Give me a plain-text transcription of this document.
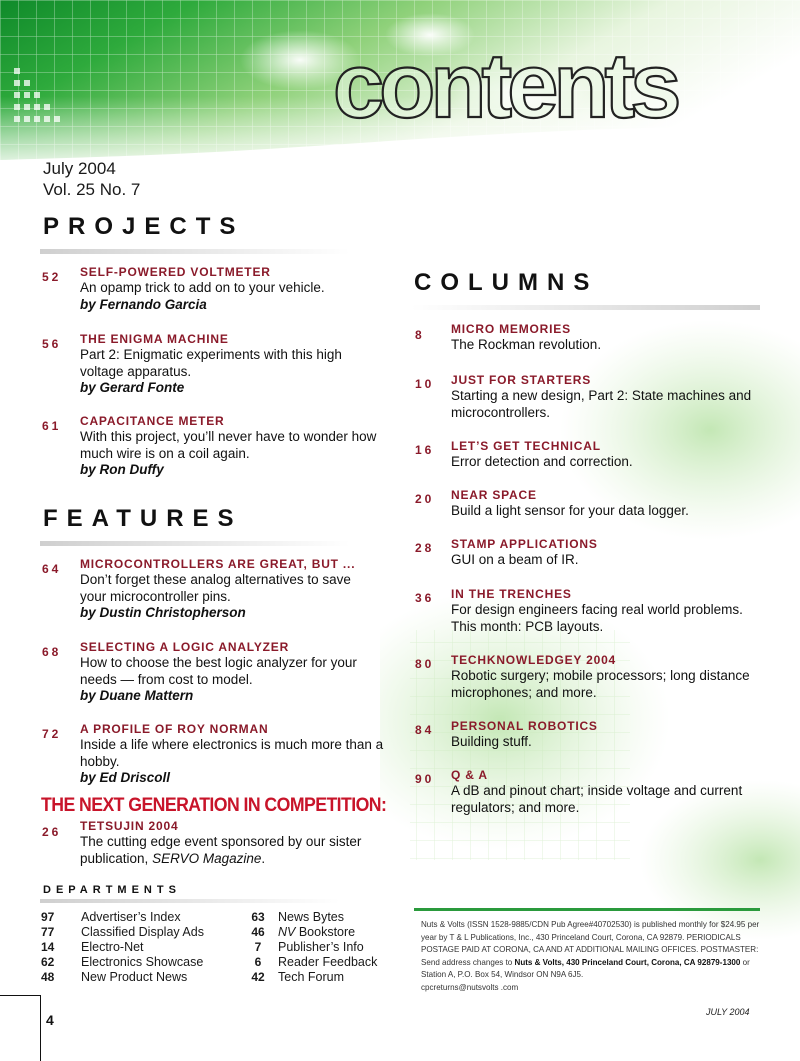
contents
July 2004
Vol. 25 No. 7
PROJECTS
52 SELF-POWERED VOLTMETER
An opamp trick to add on to your vehicle.
by Fernando Garcia
56 THE ENIGMA MACHINE
Part 2: Enigmatic experiments with this high voltage apparatus.
by Gerard Fonte
61 CAPACITANCE METER
With this project, you’ll never have to wonder how much wire is on a coil again.
by Ron Duffy
FEATURES
64 MICROCONTROLLERS ARE GREAT, BUT ...
Don’t forget these analog alternatives to save your microcontroller pins.
by Dustin Christopherson
68 SELECTING A LOGIC ANALYZER
How to choose the best logic analyzer for your needs — from cost to model.
by Duane Mattern
72 A PROFILE OF ROY NORMAN
Inside a life where electronics is much more than a hobby.
by Ed Driscoll
THE NEXT GENERATION IN COMPETITION:
26 TETSUJIN 2004
The cutting edge event sponsored by our sister publication, SERVO Magazine.
COLUMNS
8 MICRO MEMORIES
The Rockman revolution.
10 JUST FOR STARTERS
Starting a new design, Part 2: State machines and microcontrollers.
16 LET’S GET TECHNICAL
Error detection and correction.
20 NEAR SPACE
Build a light sensor for your data logger.
28 STAMP APPLICATIONS
GUI on a beam of IR.
36 IN THE TRENCHES
For design engineers facing real world problems. This month: PCB layouts.
80 TECHKNOWLEDGEY 2004
Robotic surgery; mobile processors; long distance microphones; and more.
84 PERSONAL ROBOTICS
Building stuff.
90 Q & A
A dB and pinout chart; inside voltage and current regulators; and more.
DEPARTMENTS
97 Advertiser’s Index
77 Classified Display Ads
14 Electro-Net
62 Electronics Showcase
48 New Product News
63 News Bytes
46 NV Bookstore
7 Publisher’s Info
6 Reader Feedback
42 Tech Forum
Nuts & Volts (ISSN 1528-9885/CDN Pub Agree#40702530) is published monthly for $24.95 per year by T & L Publications, Inc., 430 Princeland Court, Corona, CA 92879. PERIODICALS POSTAGE PAID AT CORONA, CA AND AT ADDITIONAL MAILING OFFICES. POSTMASTER: Send address changes to Nuts & Volts, 430 Princeland Court, Corona, CA 92879-1300 or Station A, P.O. Box 54, Windsor ON N9A 6J5.
cpcreturns@nutsvolts .com
4	JULY 2004
